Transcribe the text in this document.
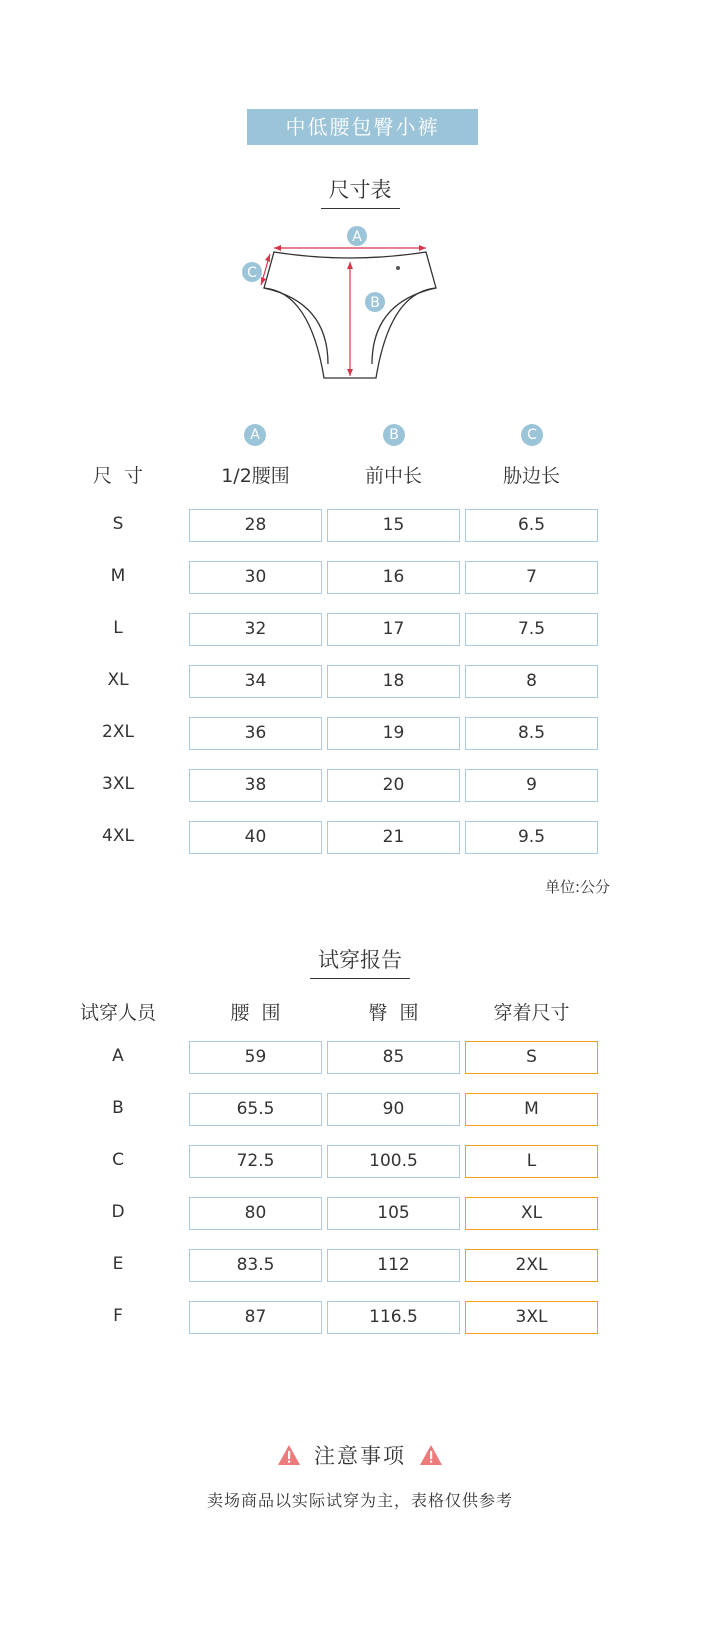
中低腰包臀小裤
尺寸表
A
B
C
A	B	C
尺  寸	1/2腰围	前中长	胁边长
S	28	15	6.5
M	30	16	7
L	32	17	7.5
XL	34	18	8
2XL	36	19	8.5
3XL	38	20	9
4XL	40	21	9.5
单位:公分
试穿报告
试穿人员	腰  围	臀  围	穿着尺寸
A	59	85	S
B	65.5	90	M
C	72.5	100.5	L
D	80	105	XL
E	83.5	112	2XL
F	87	116.5	3XL
注意事项
卖场商品以实际试穿为主，表格仅供参考
